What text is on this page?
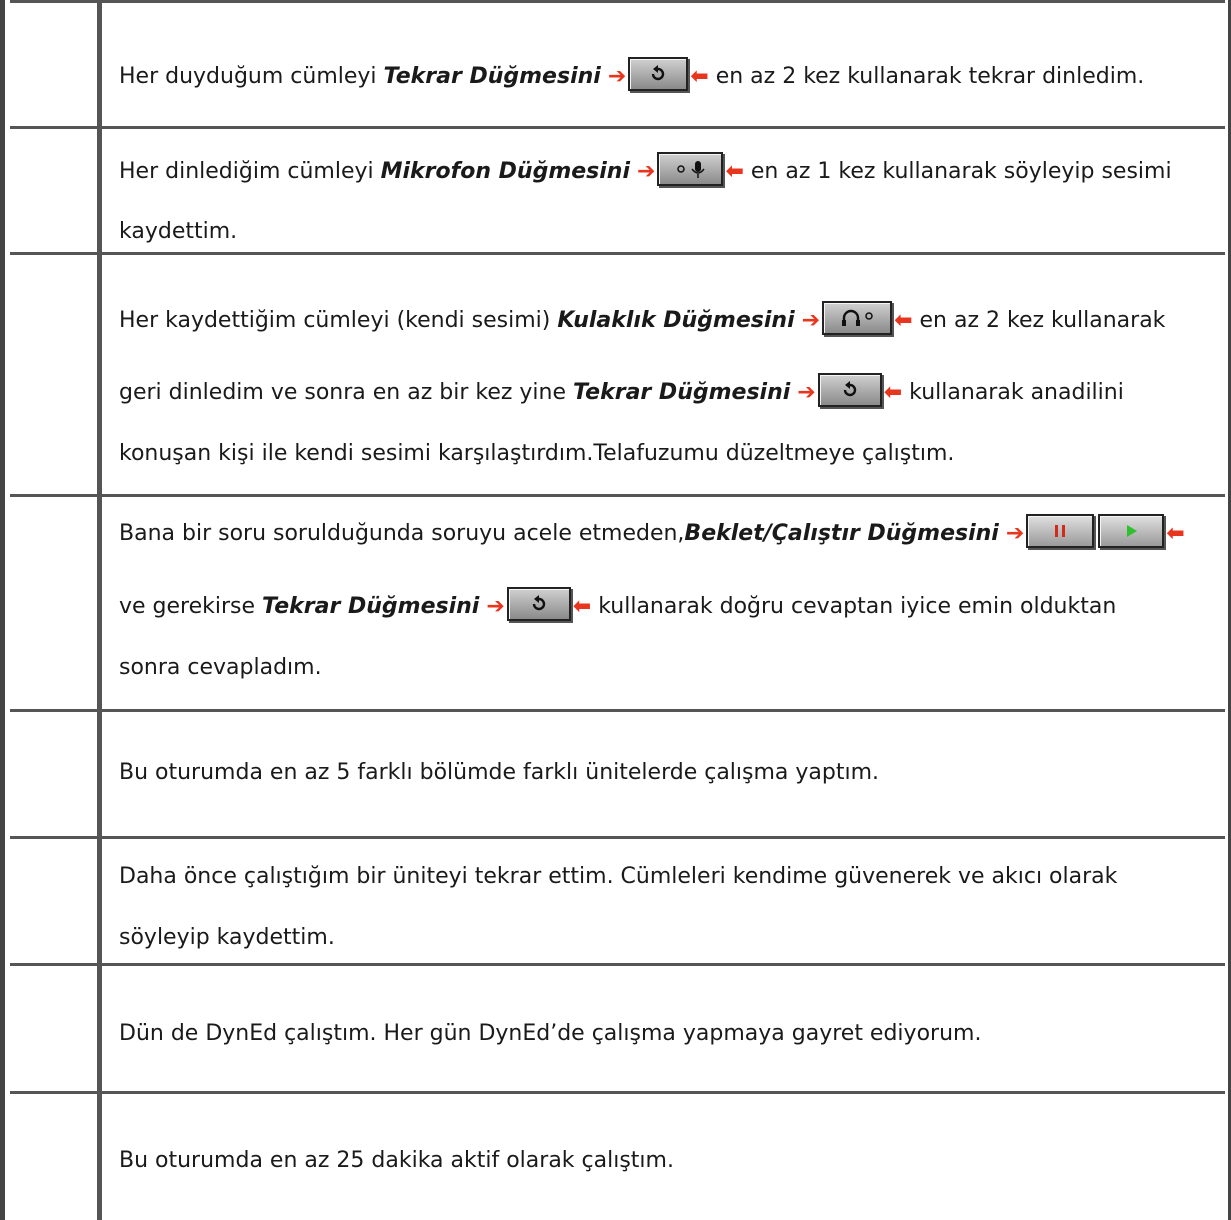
Her duyduğum cümleyi Tekrar Düğmesini ➔	⬅ en az 2 kez kullanarak tekrar dinledim.
Her dinlediğim cümleyi Mikrofon Düğmesini ➔	⬅ en az 1 kez kullanarak söyleyip sesimi
kaydettim.
Her kaydettiğim cümleyi (kendi sesimi) Kulaklık Düğmesini ➔	⬅ en az 2 kez kullanarak
geri dinledim ve sonra en az bir kez yine Tekrar Düğmesini ➔	⬅ kullanarak anadilini
konuşan kişi ile kendi sesimi karşılaştırdım.Telafuzumu düzeltmeye çalıştım.
Bana bir soru sorulduğunda soruyu acele etmeden,Beklet/Çalıştır Düğmesini ➔	⬅
ve gerekirse Tekrar Düğmesini ➔	⬅ kullanarak doğru cevaptan iyice emin olduktan
sonra cevapladım.
Bu oturumda en az 5 farklı bölümde farklı ünitelerde çalışma yaptım.
Daha önce çalıştığım bir üniteyi tekrar ettim. Cümleleri kendime güvenerek ve akıcı olarak
söyleyip kaydettim.
Dün de DynEd çalıştım. Her gün DynEd’de çalışma yapmaya gayret ediyorum.
Bu oturumda en az 25 dakika aktif olarak çalıştım.
